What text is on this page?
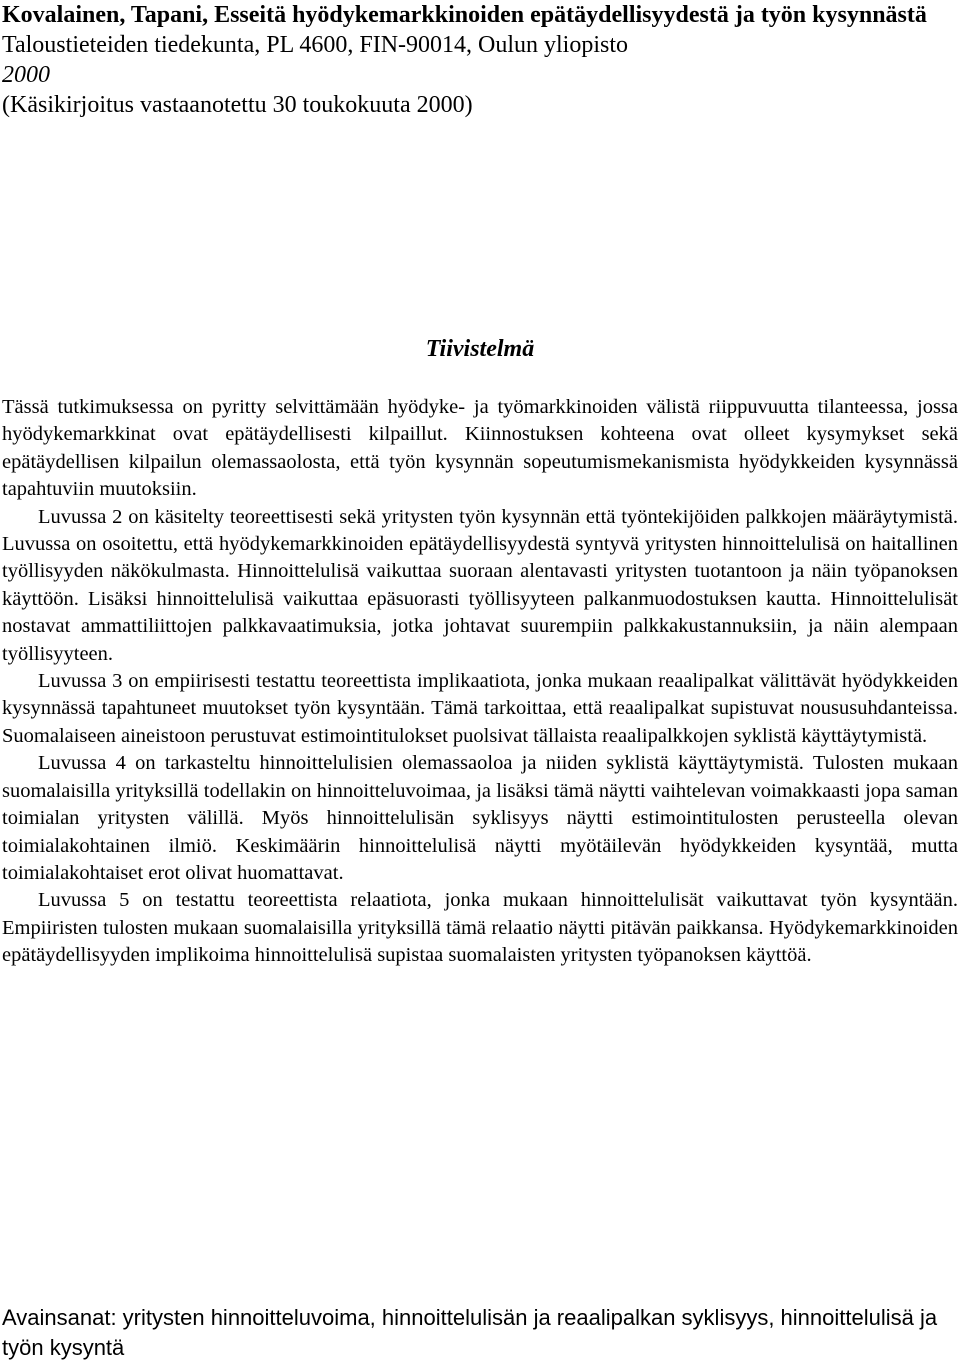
Kovalainen, Tapani, Esseitä hyödykemarkkinoiden epätäydellisyydestä ja työn kysynnästä
Taloustieteiden tiedekunta, PL 4600, FIN-90014, Oulun yliopisto
2000
(Käsikirjoitus vastaanotettu 30 toukokuuta 2000)
Tiivistelmä

Tässä tutkimuksessa on pyritty selvittämään hyödyke- ja työmarkkinoiden välistä riippuvuutta tilanteessa, jossa hyödykemarkkinat ovat epätäydellisesti kilpaillut. Kiinnostuksen kohteena ovat olleet kysymykset sekä epätäydellisen kilpailun olemassaolosta, että työn kysynnän sopeutumismekanismista hyödykkeiden kysynnässä tapahtuviin muutoksiin.

Luvussa 2 on käsitelty teoreettisesti sekä yritysten työn kysynnän että työntekijöiden palkkojen määräytymistä. Luvussa on osoitettu, että hyödykemarkkinoiden epätäydellisyydestä syntyvä yritysten hinnoittelulisä on haitallinen työllisyyden näkökulmasta. Hinnoittelulisä vaikuttaa suoraan alentavasti yritysten tuotantoon ja näin työpanoksen käyttöön. Lisäksi hinnoittelulisä vaikuttaa epäsuorasti työllisyyteen palkanmuodostuksen kautta. Hinnoittelulisät nostavat ammattiliittojen palkkavaatimuksia, jotka johtavat suurempiin palkkakustannuksiin, ja näin alempaan työllisyyteen.

Luvussa 3 on empiirisesti testattu teoreettista implikaatiota, jonka mukaan reaalipalkat välittävät hyödykkeiden kysynnässä tapahtuneet muutokset työn kysyntään. Tämä tarkoittaa, että reaalipalkat supistuvat noususuhdanteissa. Suomalaiseen aineistoon perustuvat estimointitulokset puolsivat tällaista reaalipalkkojen syklistä käyttäytymistä.

Luvussa 4 on tarkasteltu hinnoittelulisien olemassaoloa ja niiden syklistä käyttäytymistä. Tulosten mukaan suomalaisilla yrityksillä todellakin on hinnoitteluvoimaa, ja lisäksi tämä näytti vaihtelevan voimakkaasti jopa saman toimialan yritysten välillä. Myös hinnoittelulisän syklisyys näytti estimointitulosten perusteella olevan toimialakohtainen ilmiö. Keskimäärin hinnoittelulisä näytti myötäilevän hyödykkeiden kysyntää, mutta toimialakohtaiset erot olivat huomattavat.

Luvussa 5 on testattu teoreettista relaatiota, jonka mukaan hinnoittelulisät vaikuttavat työn kysyntään. Empiiristen tulosten mukaan suomalaisilla yrityksillä tämä relaatio näytti pitävän paikkansa. Hyödykemarkkinoiden epätäydellisyyden implikoima hinnoittelulisä supistaa suomalaisten yritysten työpanoksen käyttöä.

Avainsanat: yritysten hinnoitteluvoima, hinnoittelulisän ja reaalipalkan syklisyys, hinnoittelulisä ja työn kysyntä
